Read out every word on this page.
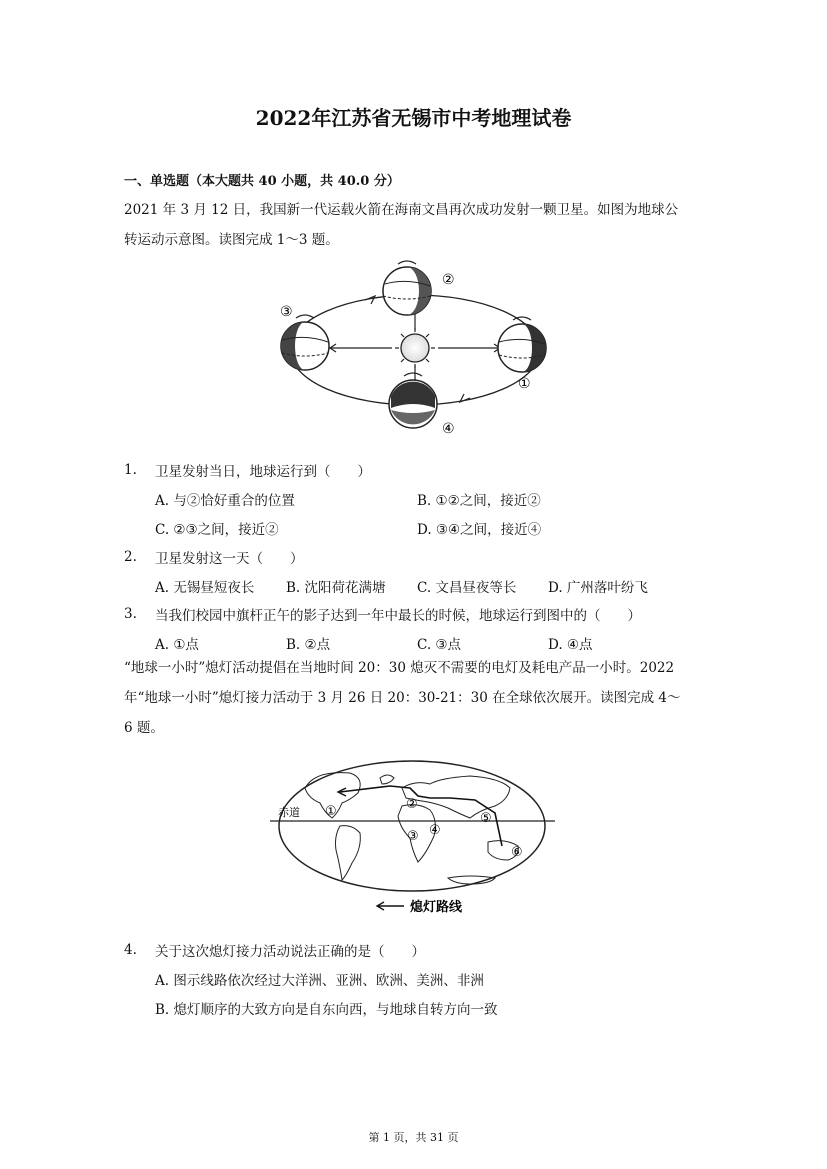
2022年江苏省无锡市中考地理试卷
一、单选题（本大题共 40 小题，共 40.0 分）
2021 年 3 月 12 日，我国新一代运载火箭在海南文昌再次成功发射一颗卫星。如图为地球公
转运动示意图。读图完成 1～3 题。
②
③
①
④
1. 卫星发射当日，地球运行到（　　）
A. 与②恰好重合的位置	B. ①②之间，接近②
C. ②③之间，接近②	D. ③④之间，接近④
2. 卫星发射这一天（　　）
A. 无锡昼短夜长 B. 沈阳荷花满塘 C. 文昌昼夜等长 D. 广州落叶纷飞
3. 当我们校园中旗杆正午的影子达到一年中最长的时候，地球运行到图中的（　　）
A. ①点	B. ②点	C. ③点	D. ④点
“地球一小时”熄灯活动提倡在当地时间 20：30 熄灭不需要的电灯及耗电产品一小时。2022
年“地球一小时”熄灯接力活动于 3 月 26 日 20：30-21：30 在全球依次展开。读图完成 4～
6 题。
赤道 ①	②
③ ④
⑤
⑥
熄灯路线
4. 关于这次熄灯接力活动说法正确的是（　　）
A. 图示线路依次经过大洋洲、亚洲、欧洲、美洲、非洲
B. 熄灯顺序的大致方向是自东向西，与地球自转方向一致
第 1 页，共 31 页
